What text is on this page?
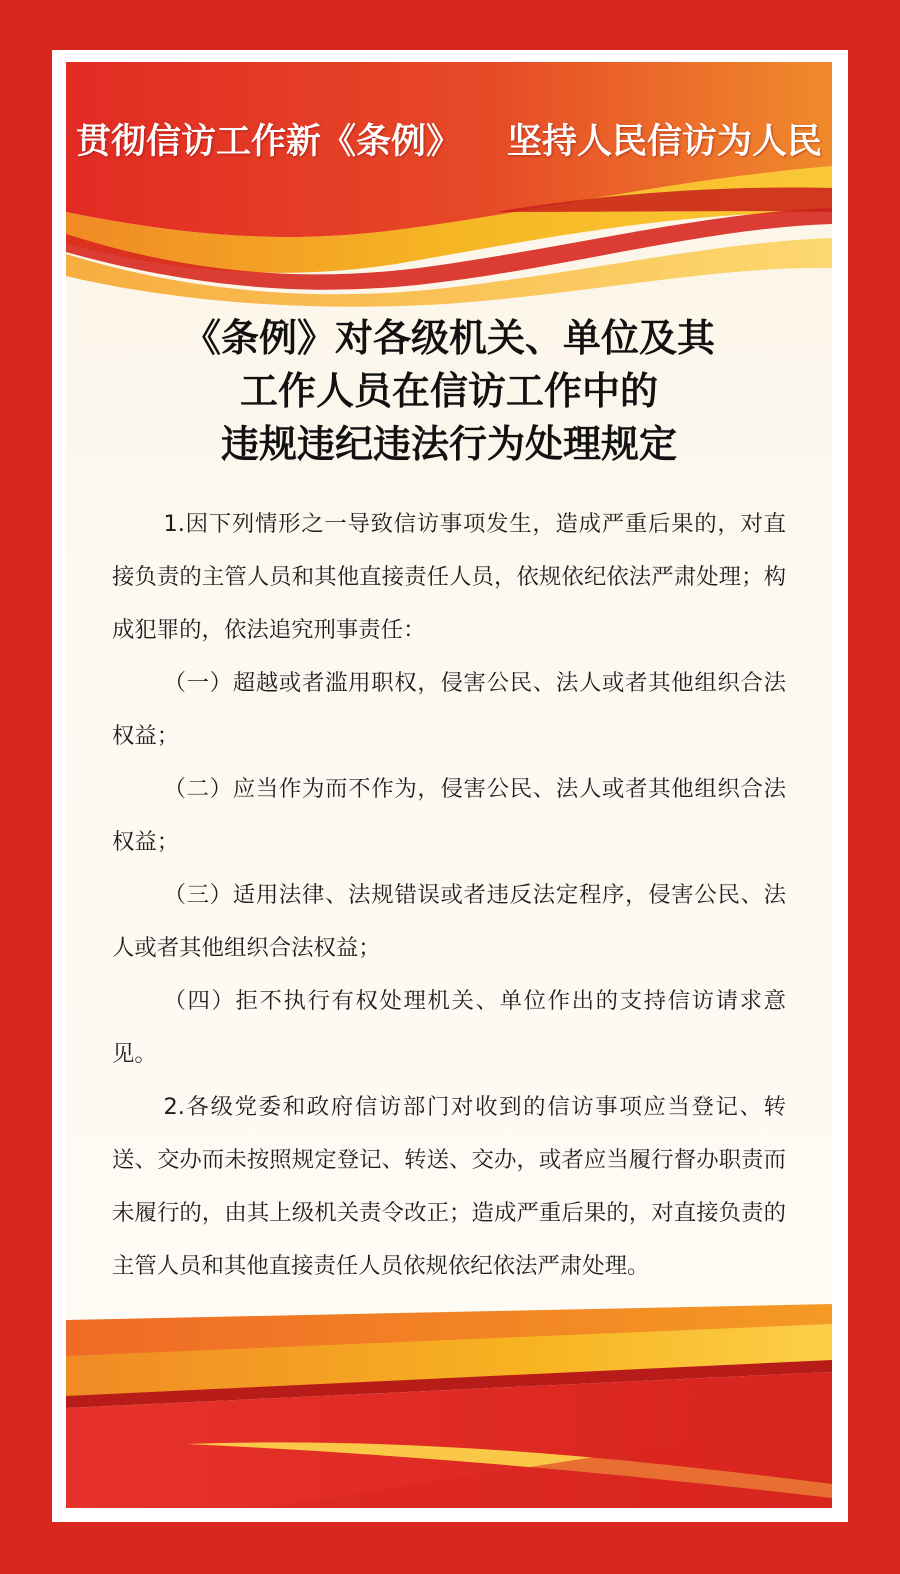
贯彻信访工作新《条例》 坚持人民信访为人民
《条例》对各级机关、单位及其
工作人员在信访工作中的
违规违纪违法行为处理规定

1.因下列情形之一导致信访事项发生，造成严重后果的，对直接负责的主管人员和其他直接责任人员，依规依纪依法严肃处理；构成犯罪的，依法追究刑事责任：

（一）超越或者滥用职权，侵害公民、法人或者其他组织合法权益；

（二）应当作为而不作为，侵害公民、法人或者其他组织合法权益；

（三）适用法律、法规错误或者违反法定程序，侵害公民、法人或者其他组织合法权益；

（四）拒不执行有权处理机关、单位作出的支持信访请求意见。

2.各级党委和政府信访部门对收到的信访事项应当登记、转送、交办而未按照规定登记、转送、交办，或者应当履行督办职责而未履行的，由其上级机关责令改正；造成严重后果的，对直接负责的主管人员和其他直接责任人员依规依纪依法严肃处理。
